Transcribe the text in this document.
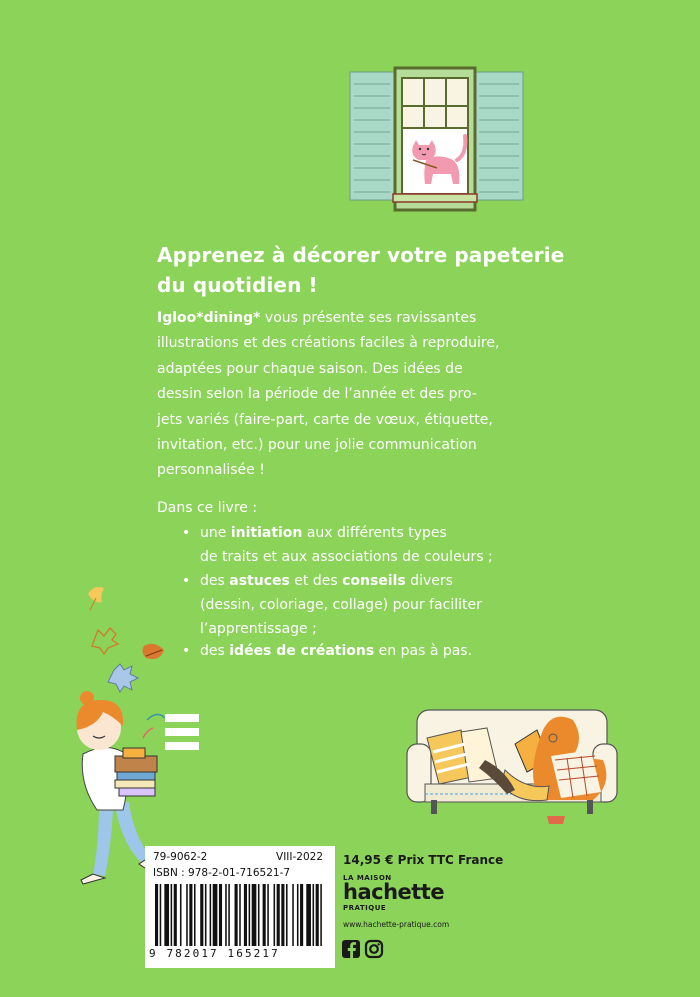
Apprenez à décorer votre papeterie
du quotidien !
Igloo*dining* vous présente ses ravissantes
illustrations et des créations faciles à reproduire,
adaptées pour chaque saison. Des idées de
dessin selon la période de l’année et des pro-
jets variés (faire-part, carte de vœux, étiquette,
invitation, etc.) pour une jolie communication
personnalisée !
Dans ce livre :
• une initiation aux différents types
de traits et aux associations de couleurs ;
• des astuces et des conseils divers
(dessin, coloriage, collage) pour faciliter
l’apprentissage ;
• des idées de créations en pas à pas.
79-9062-2	VIII-2022
ISBN : 978-2-01-716521-7
9 782017 165217
14,95 € Prix TTC France
LA MAISON
hachette
PRATIQUE
www.hachette-pratique.com
